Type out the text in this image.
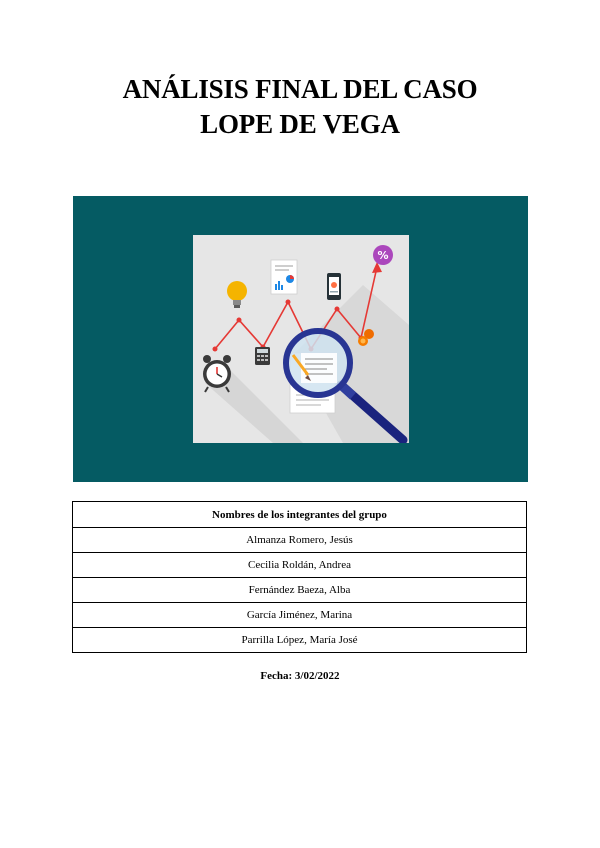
ANÁLISIS FINAL DEL CASO
LOPE DE VEGA
%
Nombres de los integrantes del grupo
Almanza Romero, Jesús
Cecilia Roldán, Andrea
Fernández Baeza, Alba
García Jiménez, Marina
Parrilla López, María José
Fecha: 3/02/2022
